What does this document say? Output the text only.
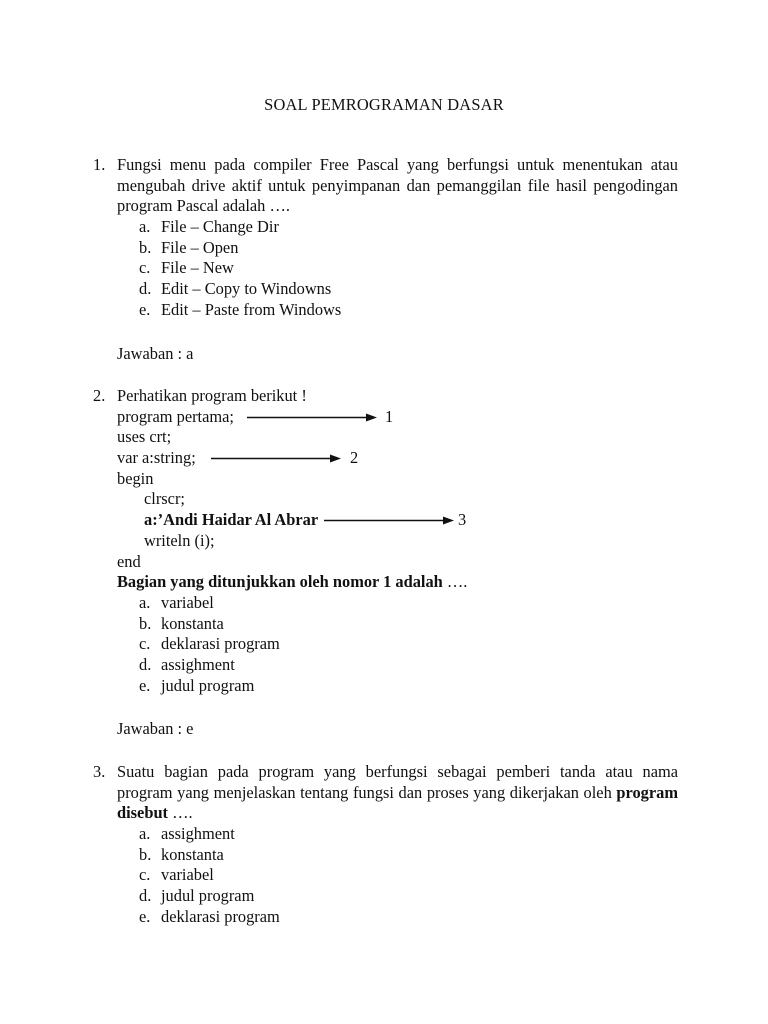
SOAL PEMROGRAMAN DASAR
1. Fungsi menu pada compiler Free Pascal yang berfungsi untuk menentukan atau mengubah drive aktif untuk penyimpanan dan pemanggilan file hasil pengodingan program Pascal adalah ….
a. File – Change Dir
b. File – Open
c. File – New
d. Edit – Copy to Windowns
e. Edit – Paste from Windows
Jawaban : a
2. Perhatikan program berikut !
program pertama;	1
uses crt;
var a:string;	2
begin
clrscr;
a:’Andi Haidar Al Abrar	3
writeln (i);
end
Bagian yang ditunjukkan oleh nomor 1 adalah ….
a. variabel
b. konstanta
c. deklarasi program
d. assighment
e. judul program
Jawaban : e
3. Suatu bagian pada program yang berfungsi sebagai pemberi tanda atau nama program yang menjelaskan tentang fungsi dan proses yang dikerjakan oleh program disebut ….
a. assighment
b. konstanta
c. variabel
d. judul program
e. deklarasi program
